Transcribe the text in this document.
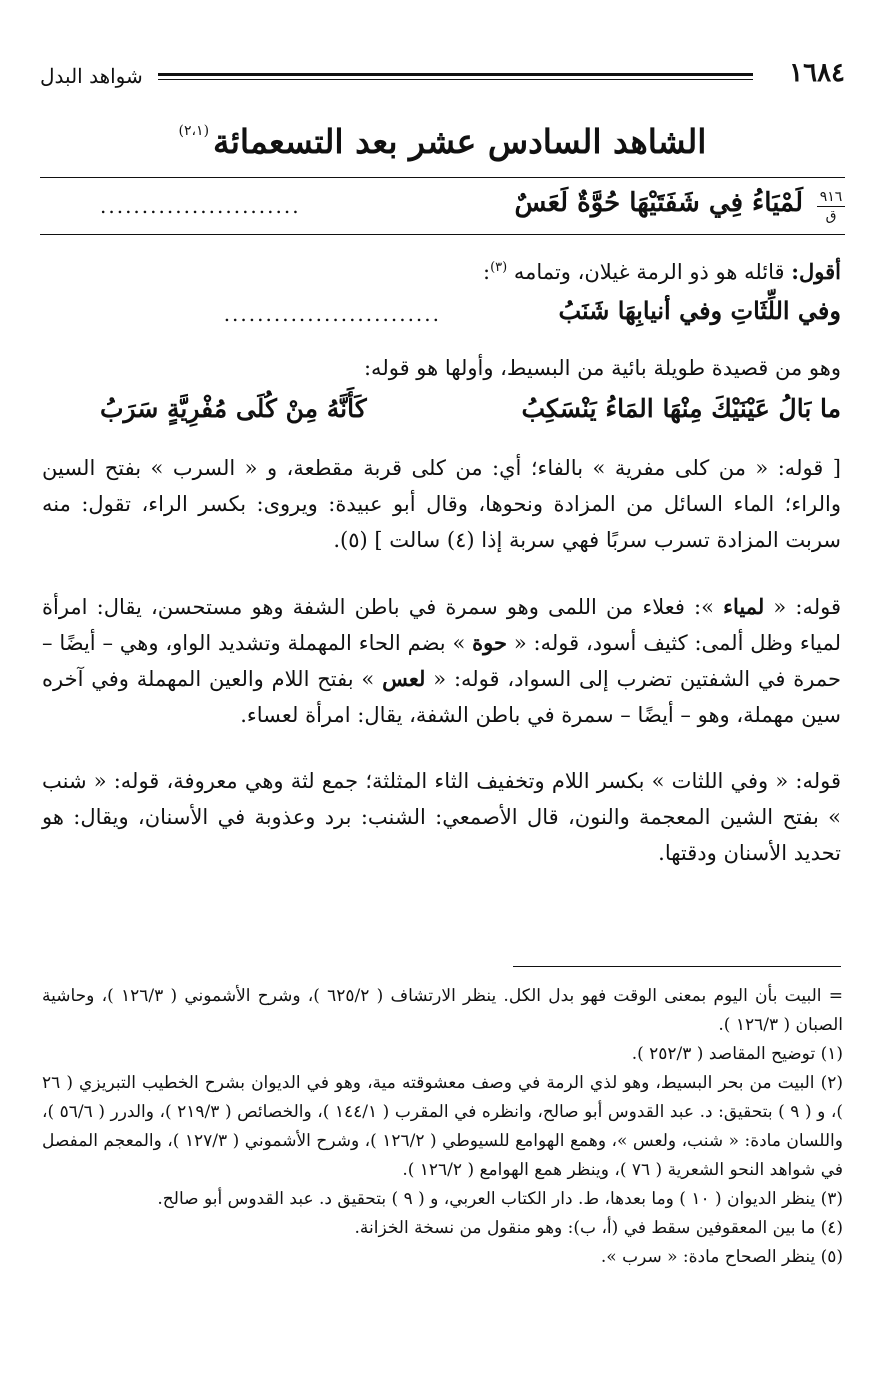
شواهد البدل	١٦٨٤
الشاهد السادس عشر بعد التسعمائة$^{(٢،١)}$
٩١٦
ق
لَمْيَاءُ فِي شَفَتَيْهَا حُوَّةٌ لَعَسٌ
........................
أقول: قائله هو ذو الرمة غيلان، وتمامه $^{(٣)}$:
وفي اللِّثَاتِ وفي أنيابِهَا شَنَبُ
..........................
وهو من قصيدة طويلة بائية من البسيط، وأولها هو قوله:
ما بَالُ عَيْنَيْكَ مِنْهَا المَاءُ يَنْسَكِبُ
كَأَنَّهُ مِنْ كُلَى مُفْرِيَّةٍ سَرَبُ
[ قوله: « من كلى مفرية » بالفاء؛ أي: من كلى قربة مقطعة، و « السرب » بفتح السين والراء؛ الماء السائل من المزادة ونحوها، وقال أبو عبيدة: ويروى: بكسر الراء، تقول: منه سربت المزادة تسرب سربًا فهي سربة إذا (٤) سالت ] (٥).
قوله: « لمياء »: فعلاء من اللمى وهو سمرة في باطن الشفة وهو مستحسن، يقال: امرأة لمياء وظل ألمى: كثيف أسود، قوله: « حوة » بضم الحاء المهملة وتشديد الواو، وهي – أيضًا – حمرة في الشفتين تضرب إلى السواد، قوله: « لعس » بفتح اللام والعين المهملة وفي آخره سين مهملة، وهو – أيضًا – سمرة في باطن الشفة، يقال: امرأة لعساء.
قوله: « وفي اللثات » بكسر اللام وتخفيف الثاء المثلثة؛ جمع لثة وهي معروفة، قوله: « شنب » بفتح الشين المعجمة والنون، قال الأصمعي: الشنب: برد وعذوبة في الأسنان، ويقال: هو تحديد الأسنان ودقتها.

= البيت بأن اليوم بمعنى الوقت فهو بدل الكل. ينظر الارتشاف ( ٦٢٥/٢ )، وشرح الأشموني ( ١٢٦/٣ )، وحاشية الصبان ( ١٢٦/٣ ).

(١) توضيح المقاصد ( ٢٥٢/٣ ).

(٢) البيت من بحر البسيط، وهو لذي الرمة في وصف معشوقته مية، وهو في الديوان بشرح الخطيب التبريزي ( ٢٦ )، و ( ٩ ) بتحقيق: د. عبد القدوس أبو صالح، وانظره في المقرب ( ١٤٤/١ )، والخصائص ( ٢١٩/٣ )، والدرر ( ٥٦/٦ )، واللسان مادة: « شنب، ولعس »، وهمع الهوامع للسيوطي ( ١٢٦/٢ )، وشرح الأشموني ( ١٢٧/٣ )، والمعجم المفصل في شواهد النحو الشعرية ( ٧٦ )، وينظر همع الهوامع ( ١٢٦/٢ ).

(٣) ينظر الديوان ( ١٠ ) وما بعدها، ط. دار الكتاب العربي، و ( ٩ ) بتحقيق د. عبد القدوس أبو صالح.

(٤) ما بين المعقوفين سقط في (أ، ب): وهو منقول من نسخة الخزانة.

(٥) ينظر الصحاح مادة: « سرب ».
